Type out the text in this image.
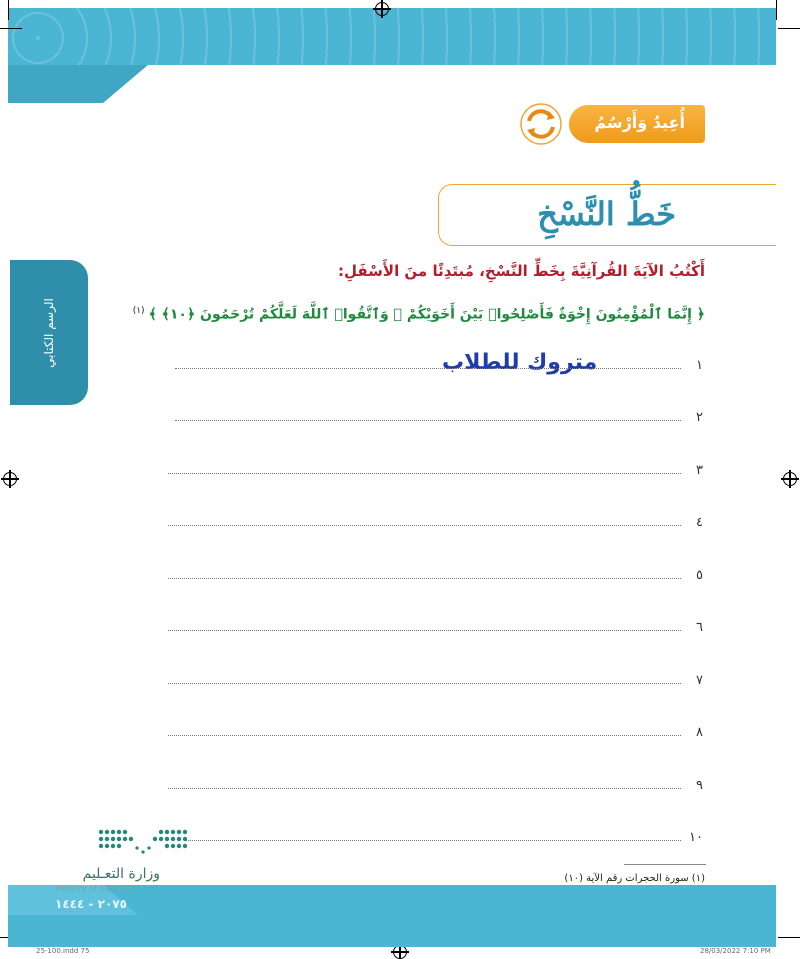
الرسم الكتابي
أُعِيدُ وَأَرْسُمُ
خَطُّ النَّسْخِ
أَكْتُبُ الآيَةَ القُرآنِيَّةَ بِخَطِّ النَّسْخِ، مُبتَدِئًا منَ الأَسْفَلِ:
﴿ إِنَّمَا ٱلْمُؤْمِنُونَ إِخْوَةٌ فَأَصْلِحُوا۟ بَيْنَ أَخَوَيْكُمْ ۚ وَٱتَّقُوا۟ ٱللَّهَ لَعَلَّكُمْ تُرْحَمُونَ ﴿١٠﴾ ﴾$^{(١)}$
متروك للطلاب	١
٢
٣
٤
٥
٦
٧
٨
٩
١٠
(١) سورة الحجرات رقم الآية (١٠)
وزارة التعـليم
Ministry of Education
٢٠٧٥ - ١٤٤٤
25-100.indd 75	28/03/2022 7:10 PM
